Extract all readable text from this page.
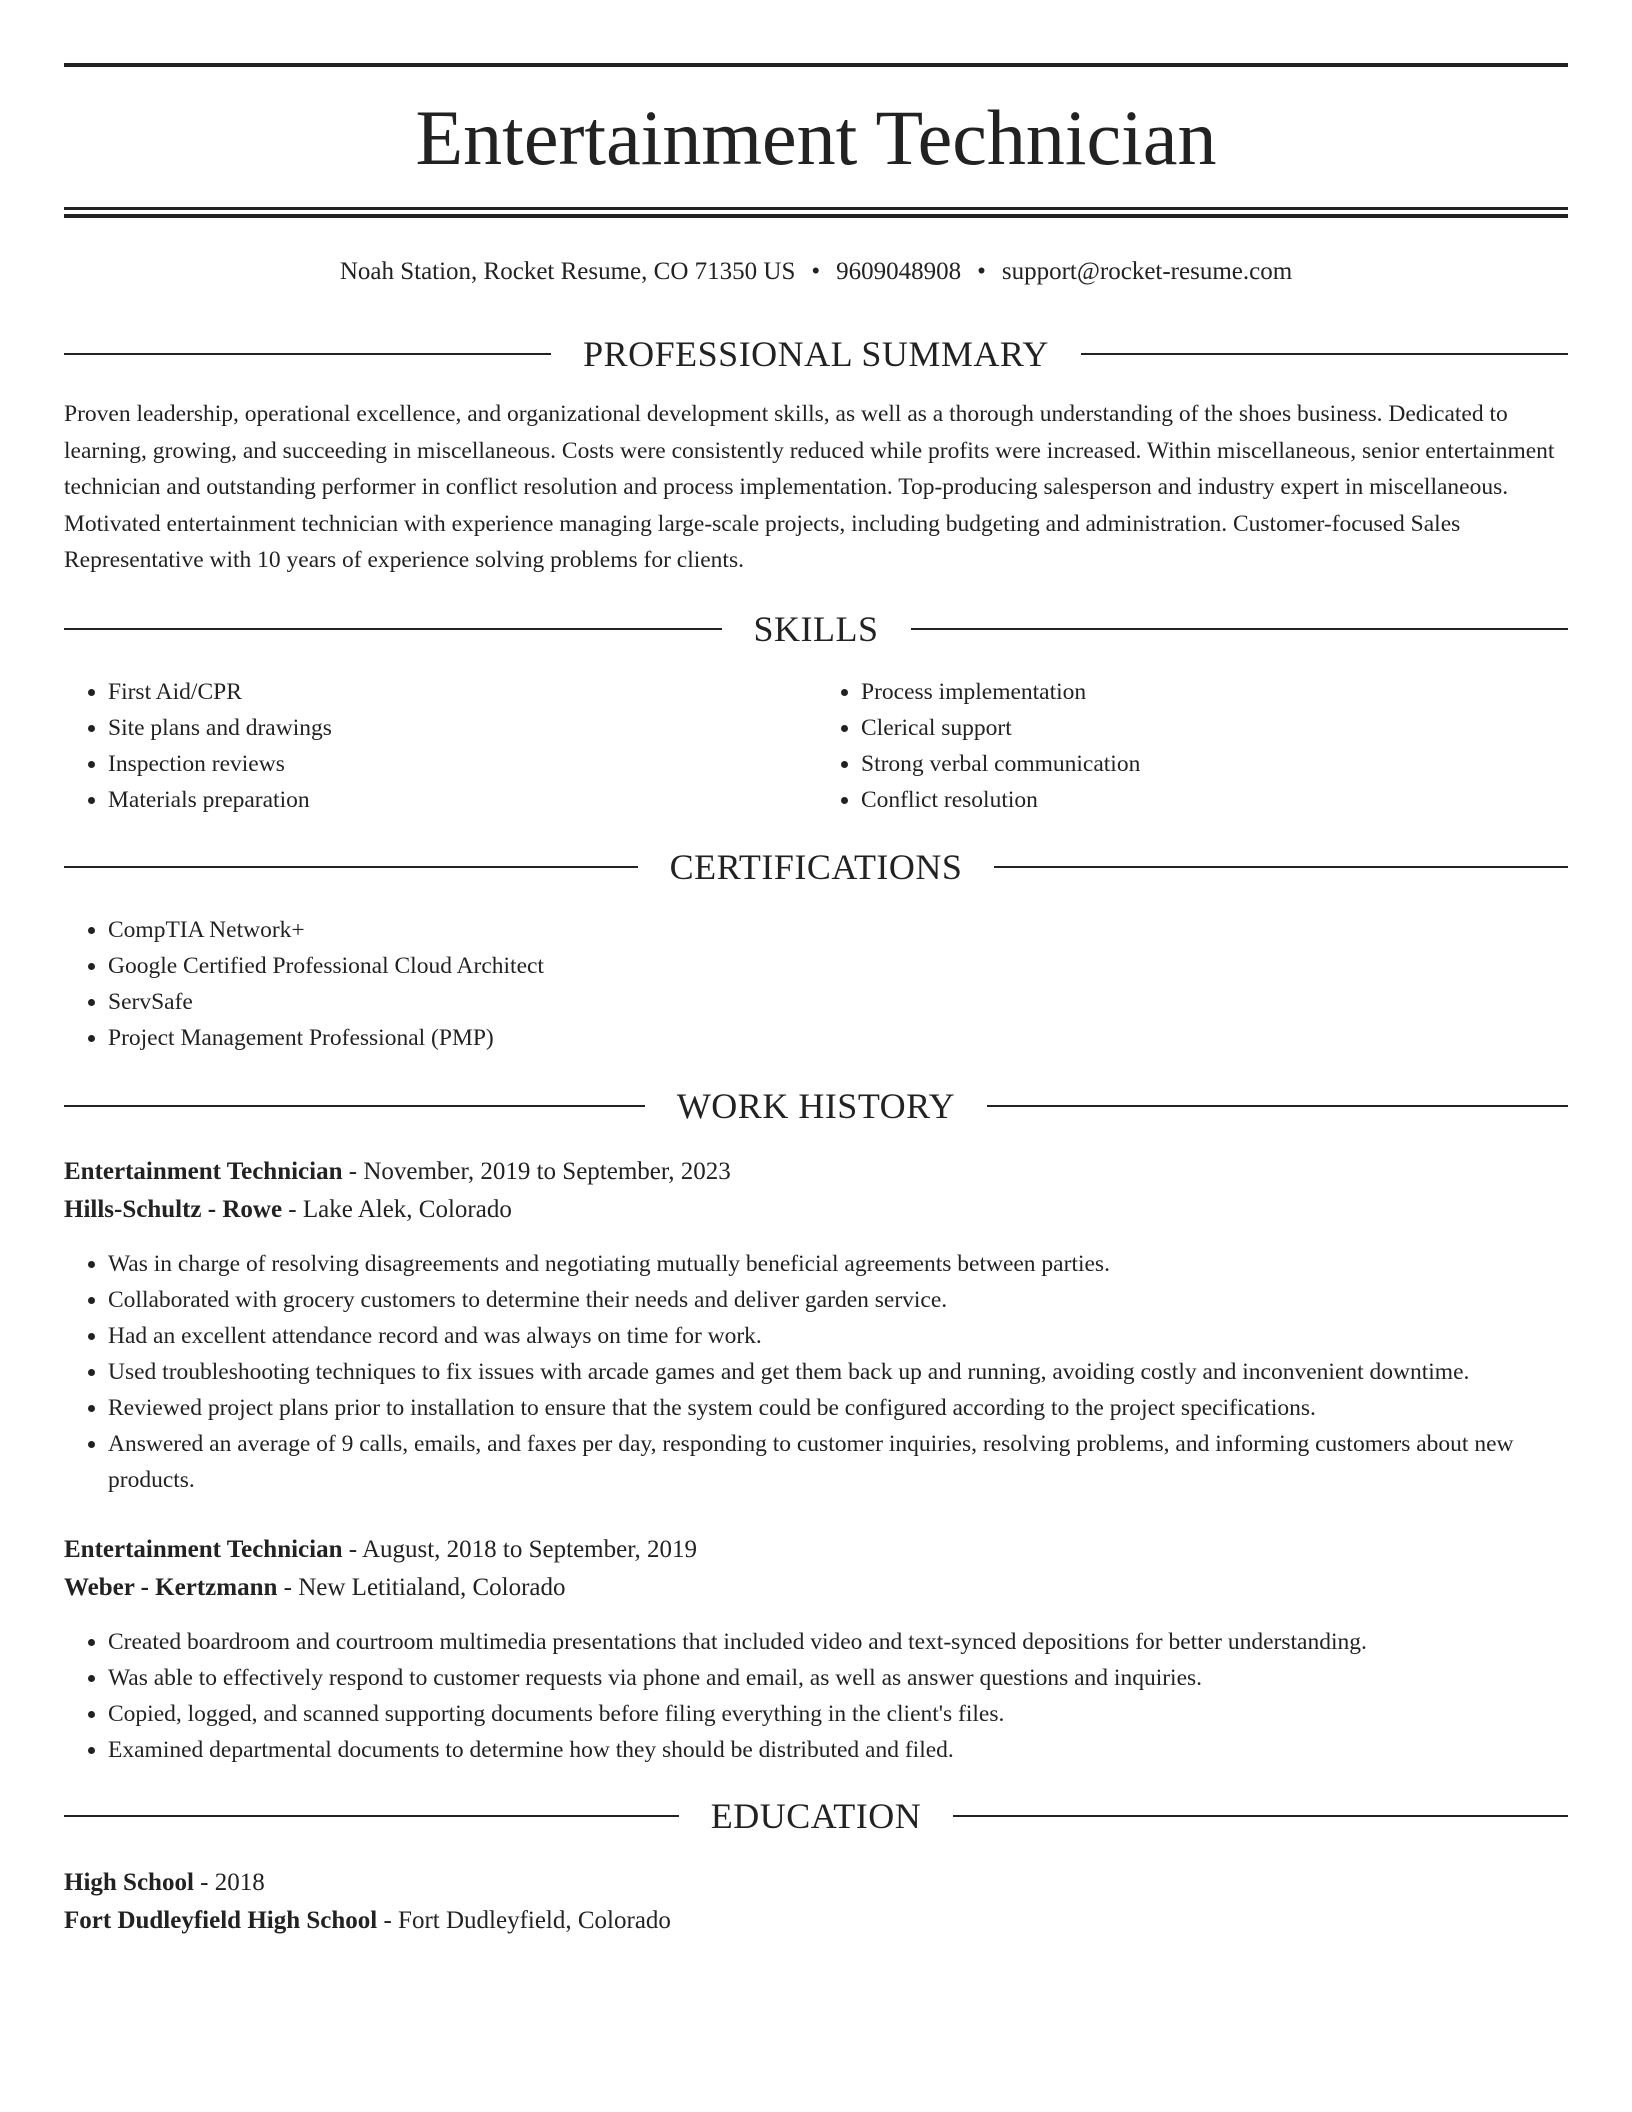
Entertainment Technician
Noah Station, Rocket Resume, CO 71350 US • 9609048908 • support@rocket-resume.com
PROFESSIONAL SUMMARY

Proven leadership, operational excellence, and organizational development skills, as well as a thorough understanding of the shoes business. Dedicated to learning, growing, and succeeding in miscellaneous. Costs were consistently reduced while profits were increased. Within miscellaneous, senior entertainment technician and outstanding performer in conflict resolution and process implementation. Top-producing salesperson and industry expert in miscellaneous. Motivated entertainment technician with experience managing large-scale projects, including budgeting and administration. Customer-focused Sales Representative with 10 years of experience solving problems for clients.

SKILLS
• First Aid/CPR
• Site plans and drawings
• Inspection reviews
• Materials preparation
• Process implementation
• Clerical support
• Strong verbal communication
• Conflict resolution
CERTIFICATIONS
• CompTIA Network+
• Google Certified Professional Cloud Architect
• ServSafe
• Project Management Professional (PMP)
WORK HISTORY
Entertainment Technician - November, 2019 to September, 2023
Hills-Schultz - Rowe - Lake Alek, Colorado
• Was in charge of resolving disagreements and negotiating mutually beneficial agreements between parties.
• Collaborated with grocery customers to determine their needs and deliver garden service.
• Had an excellent attendance record and was always on time for work.
• Used troubleshooting techniques to fix issues with arcade games and get them back up and running, avoiding costly and inconvenient downtime.
• Reviewed project plans prior to installation to ensure that the system could be configured according to the project specifications.
• Answered an average of 9 calls, emails, and faxes per day, responding to customer inquiries, resolving problems, and informing customers about new products.
Entertainment Technician - August, 2018 to September, 2019
Weber - Kertzmann - New Letitialand, Colorado
• Created boardroom and courtroom multimedia presentations that included video and text-synced depositions for better understanding.
• Was able to effectively respond to customer requests via phone and email, as well as answer questions and inquiries.
• Copied, logged, and scanned supporting documents before filing everything in the client's files.
• Examined departmental documents to determine how they should be distributed and filed.
EDUCATION
High School - 2018
Fort Dudleyfield High School - Fort Dudleyfield, Colorado
